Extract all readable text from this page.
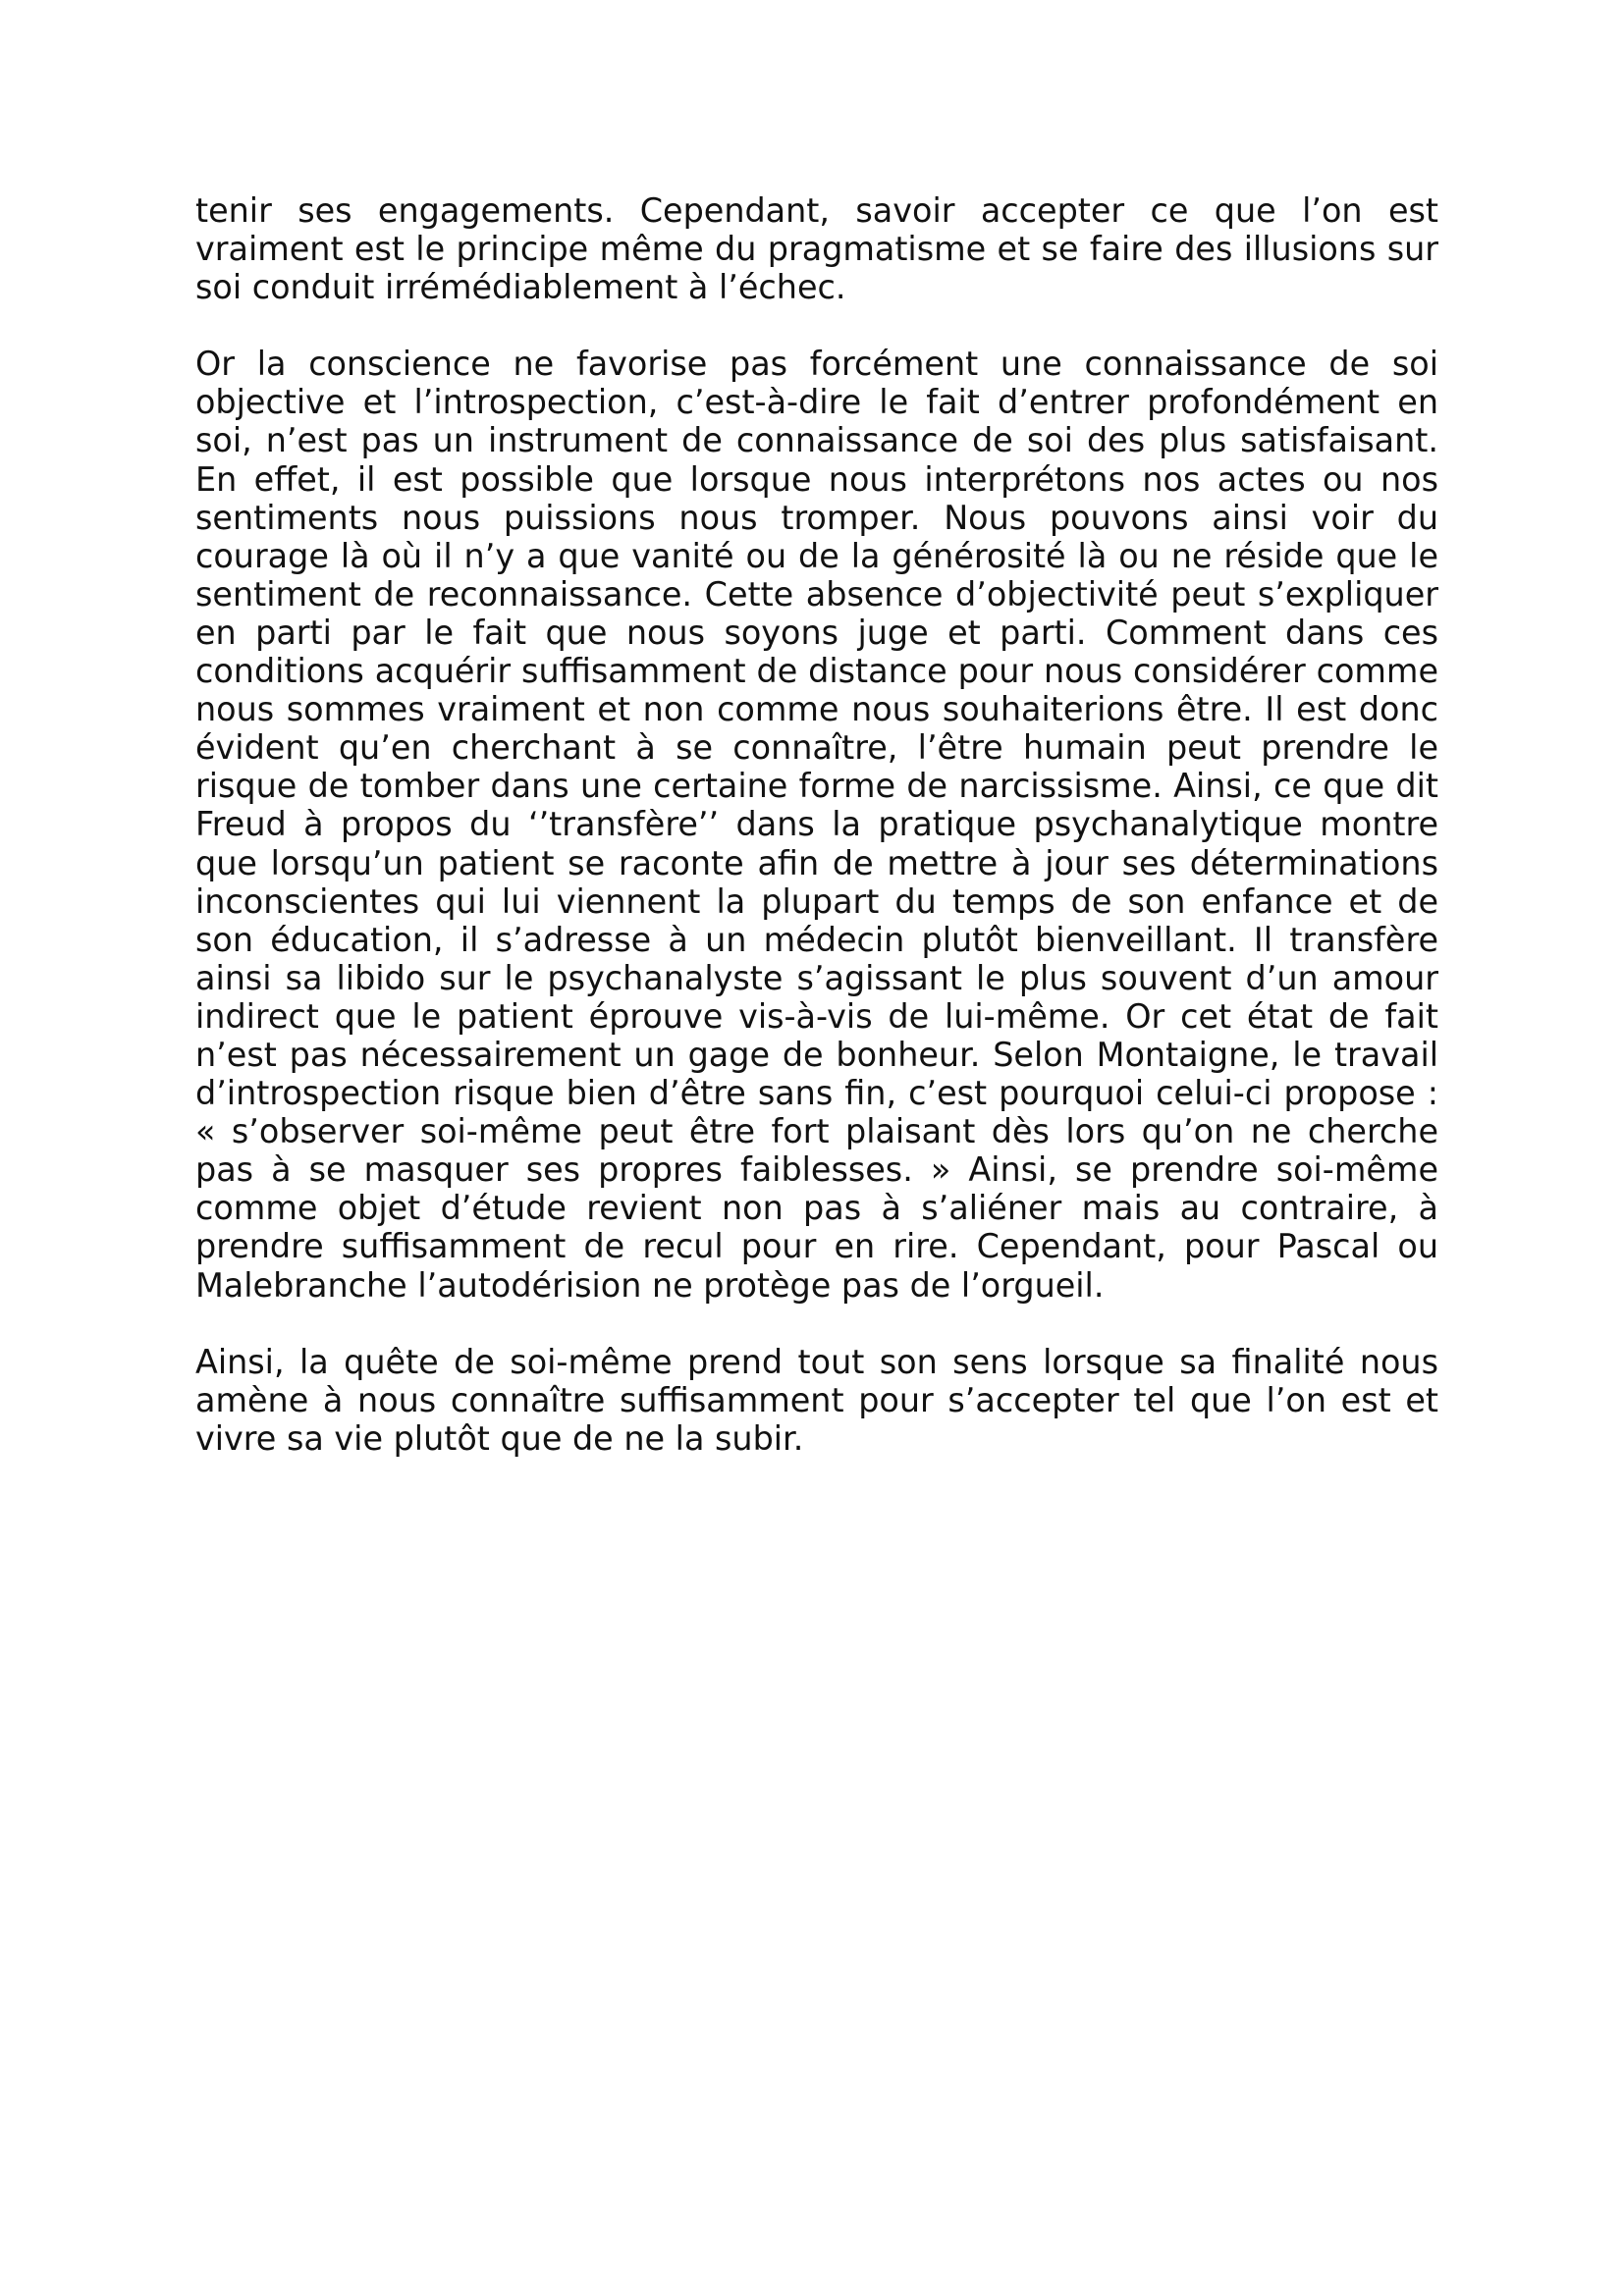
tenir ses engagements. Cependant, savoir accepter ce que l’on est vraiment est le principe même du pragmatisme et se faire des illusions sur soi conduit irrémédiablement à l’échec.

Or la conscience ne favorise pas forcément une connaissance de soi objective et l’introspection, c’est-à-dire le fait d’entrer profondément en soi, n’est pas un instrument de connaissance de soi des plus satisfaisant. En effet, il est possible que lorsque nous interprétons nos actes ou nos sentiments nous puissions nous tromper. Nous pouvons ainsi voir du courage là où il n’y a que vanité ou de la générosité là ou ne réside que le sentiment de reconnaissance. Cette absence d’objectivité peut s’expliquer en parti par le fait que nous soyons juge et parti. Comment dans ces conditions acquérir suffisamment de distance pour nous considérer comme nous sommes vraiment et non comme nous souhaiterions être. Il est donc évident qu’en cherchant à se connaître, l’être humain peut prendre le risque de tomber dans une certaine forme de narcissisme. Ainsi, ce que dit Freud à propos du ‘’transfère’’ dans la pratique psychanalytique montre que lorsqu’un patient se raconte afin de mettre à jour ses déterminations inconscientes qui lui viennent la plupart du temps de son enfance et de son éducation, il s’adresse à un médecin plutôt bienveillant. Il transfère ainsi sa libido sur le psychanalyste s’agissant le plus souvent d’un amour indirect que le patient éprouve vis-à-vis de lui-même. Or cet état de fait n’est pas nécessairement un gage de bonheur. Selon Montaigne, le travail d’introspection risque bien d’être sans fin, c’est pourquoi celui-ci propose : « s’observer soi-même peut être fort plaisant dès lors qu’on ne cherche pas à se masquer ses propres faiblesses. » Ainsi, se prendre soi-même comme objet d’étude revient non pas à s’aliéner mais au contraire, à prendre suffisamment de recul pour en rire. Cependant, pour Pascal ou Malebranche l’autodérision ne protège pas de l’orgueil.

Ainsi, la quête de soi-même prend tout son sens lorsque sa finalité nous amène à nous connaître suffisamment pour s’accepter tel que l’on est et vivre sa vie plutôt que de ne la subir.
